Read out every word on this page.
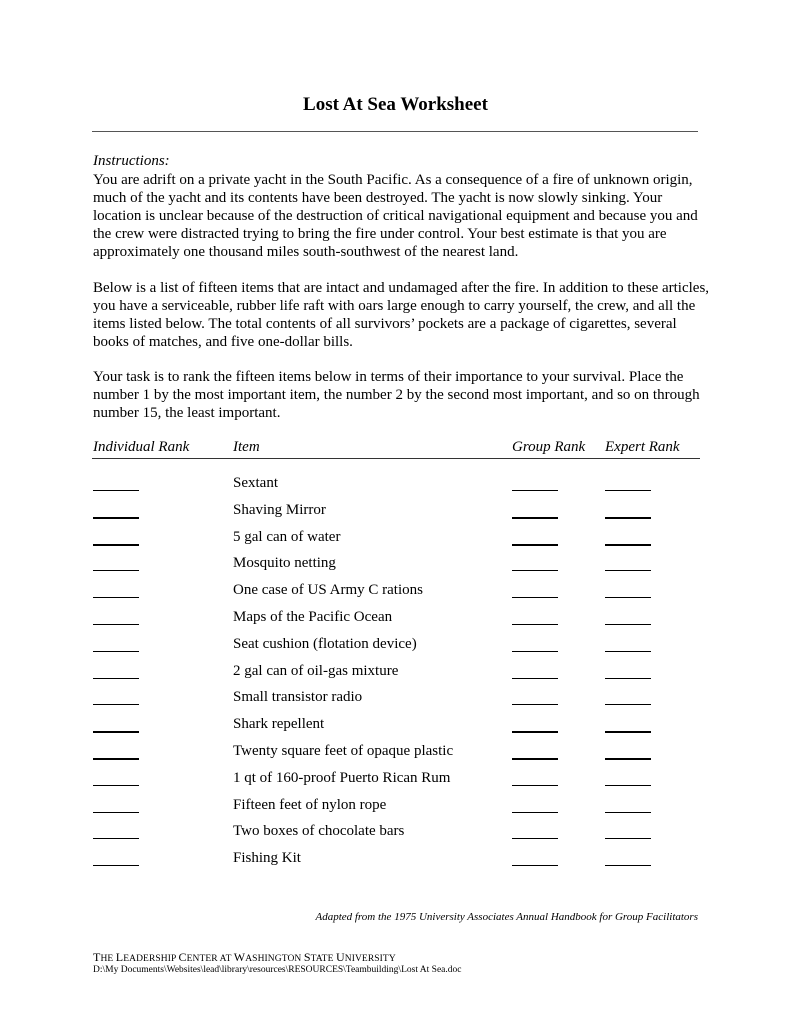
Lost At Sea Worksheet
Instructions:

You are adrift on a private yacht in the South Pacific. As a consequence of a fire of unknown origin, much of the yacht and its contents have been destroyed. The yacht is now slowly sinking. Your location is unclear because of the destruction of critical navigational equipment and because you and the crew were distracted trying to bring the fire under control. Your best estimate is that you are approximately one thousand miles south-southwest of the nearest land.

Below is a list of fifteen items that are intact and undamaged after the fire. In addition to these articles, you have a serviceable, rubber life raft with oars large enough to carry yourself, the crew, and all the items listed below. The total contents of all survivors’ pockets are a package of cigarettes, several books of matches, and five one-dollar bills.

Your task is to rank the fifteen items below in terms of their importance to your survival. Place the number 1 by the most important item, the number 2 by the second most important, and so on through number 15, the least important.

Individual Rank	Item	Group Rank Expert Rank
Sextant
Shaving Mirror
5 gal can of water
Mosquito netting
One case of US Army C rations
Maps of the Pacific Ocean
Seat cushion (flotation device)
2 gal can of oil-gas mixture
Small transistor radio
Shark repellent
Twenty square feet of opaque plastic
1 qt of 160-proof Puerto Rican Rum
Fifteen feet of nylon rope
Two boxes of chocolate bars
Fishing Kit
Adapted from the 1975 University Associates Annual Handbook for Group Facilitators
THE LEADERSHIP CENTER AT WASHINGTON STATE UNIVERSITY
D:\My Documents\Websites\lead\library\resources\RESOURCES\Teambuilding\Lost At Sea.doc
